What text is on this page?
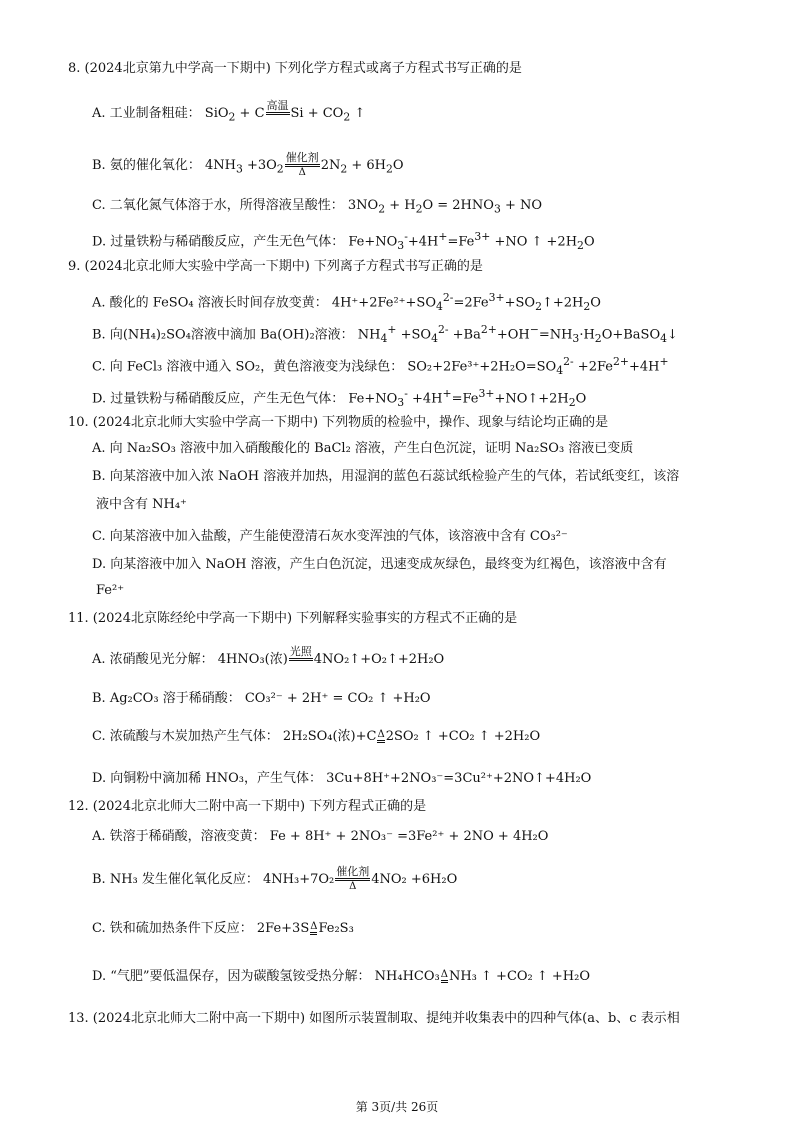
8. (2024北京第九中学高一下期中) 下列化学方程式或离子方程式书写正确的是
A. 工业制备粗硅： SiO$_2$ + C
高温

$Si + CO_2$ ↑
B. 氨的催化氧化： $4NH_3 +3O_2$
催化剂
Δ	$2N_2 + 6H_2O$
C. 二氧化氮气体溶于水，所得溶液呈酸性： $3NO_2 + H_2O = 2HNO_3$ + NO
D. 过量铁粉与稀硝酸反应，产生无色气体： $Fe+NO_3^-+4H^+=Fe^{3+} +NO$ ↑ $+2H_2O$
9. (2024北京北师大实验中学高一下期中) 下列离子方程式书写正确的是
A. 酸化的 FeSO₄ 溶液长时间存放变黄： $4H^++2Fe^{2+}+SO_4^{2-}=2Fe^{3+}+SO_2↑+2H_2O$
B. 向(NH₄)₂SO₄溶液中滴加 Ba(OH)₂溶液： $NH_4^+ +SO_4^{2-}$ $+Ba^{2+}+OH^-=NH_3\cdot H_2O+BaSO_4↓$
C. 向 FeCl₃ 溶液中通入 SO₂，黄色溶液变为浅绿色： $SO_2+2Fe^{3+}+2H_2O=SO_4^{2-} +2Fe^{2+}+4H^+$
D. 过量铁粉与稀硝酸反应，产生无色气体： $Fe+NO_3^-$ $+4H^+=Fe^{3+}+NO↑+2H_2O$
10. (2024北京北师大实验中学高一下期中) 下列物质的检验中，操作、现象与结论均正确的是
A. 向 Na₂SO₃ 溶液中加入硝酸酸化的 BaCl₂ 溶液，产生白色沉淀，证明 Na₂SO₃ 溶液已变质
B. 向某溶液中加入浓 NaOH 溶液并加热，用湿润的蓝色石蕊试纸检验产生的气体，若试纸变红，该溶
液中含有 NH₄⁺
C. 向某溶液中加入盐酸，产生能使澄清石灰水变浑浊的气体，该溶液中含有 CO₃²⁻
D. 向某溶液中加入 NaOH 溶液，产生白色沉淀，迅速变成灰绿色，最终变为红褐色，该溶液中含有
Fe²⁺
11. (2024北京陈经纶中学高一下期中) 下列解释实验事实的方程式不正确的是
A. 浓硝酸见光分解： 4HNO₃(浓)
光照

4NO₂↑+O₂↑+2H₂O
B. Ag₂CO₃ 溶于稀硝酸： CO₃²⁻ + 2H⁺ = CO₂ ↑ +H₂O
C. 浓硫酸与木炭加热产生气体： 2H₂SO₄(浓)+C Δ 2SO₂ ↑ +CO₂ ↑ +2H₂O
D. 向铜粉中滴加稀 HNO₃，产生气体： 3Cu+8H⁺+2NO₃⁻=3Cu²⁺+2NO↑+4H₂O
12. (2024北京北师大二附中高一下期中) 下列方程式正确的是
A. 铁溶于稀硝酸，溶液变黄： Fe + 8H⁺ + 2NO₃⁻ =3Fe²⁺ + 2NO + 4H₂O
B. NH₃ 发生催化氧化反应： 4NH₃+7O₂
催化剂
Δ	4NO₂ +6H₂O
C. 铁和硫加热条件下反应： 2Fe+3S Δ Fe₂S₃
D. “气肥”要低温保存，因为碳酸氢铵受热分解： NH₄HCO₃ Δ NH₃ ↑ +CO₂ ↑ +H₂O
13. (2024北京北师大二附中高一下期中) 如图所示装置制取、提纯并收集表中的四种气体(a、b、c 表示相
第 3页/共 26页
